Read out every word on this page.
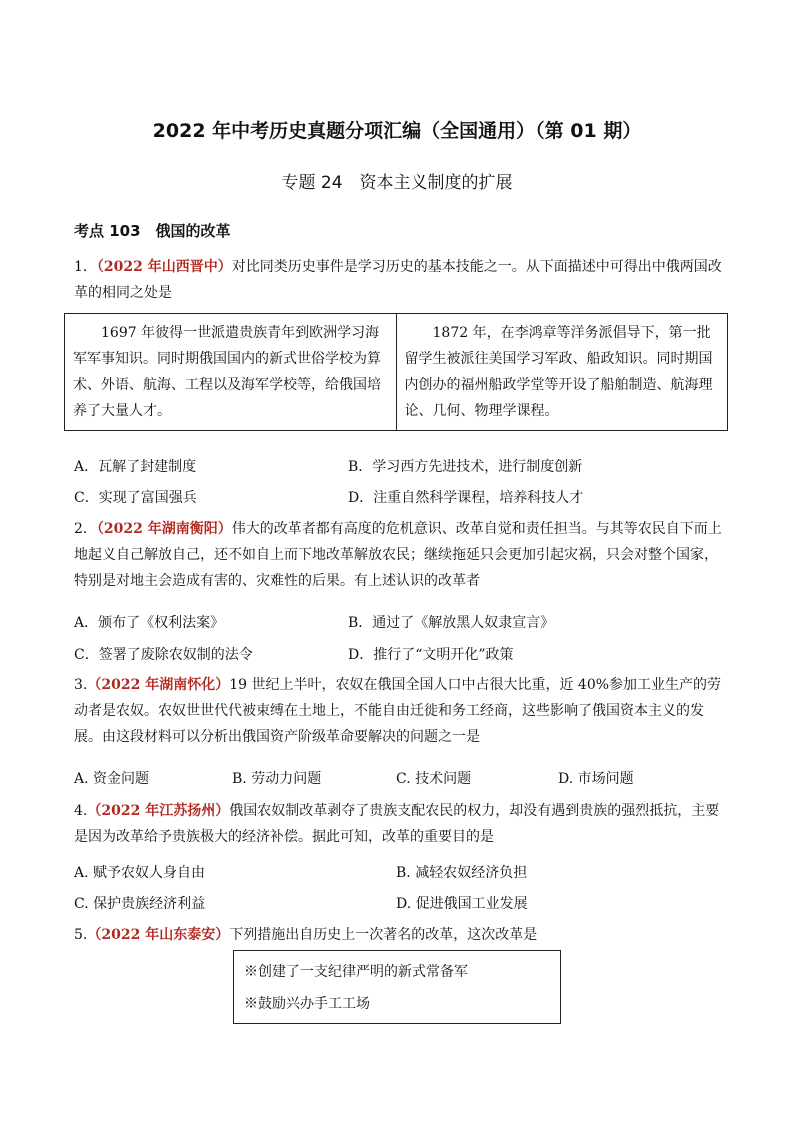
2022 年中考历史真题分项汇编（全国通用）（第 01 期）
专题 24　资本主义制度的扩展
考点 103　俄国的改革
1．（2022 年山西晋中）对比同类历史事件是学习历史的基本技能之一。从下面描述中可得出中俄两国改革的相同之处是
1697 年彼得一世派遣贵族青年到欧洲学习海军军事知识。同时期俄国国内的新式世俗学校为算术、外语、航海、工程以及海军学校等，给俄国培养了大量人才。

1872 年，在李鸿章等洋务派倡导下，第一批留学生被派往美国学习军政、船政知识。同时期国内创办的福州船政学堂等开设了船舶制造、航海理论、几何、物理学课程。
A．瓦解了封建制度	B．学习西方先进技术，进行制度创新
C．实现了富国强兵	D．注重自然科学课程，培养科技人才
2．（2022 年湖南衡阳）伟大的改革者都有高度的危机意识、改革自觉和责任担当。与其等农民自下而上地起义自己解放自己，还不如自上而下地改革解放农民；继续拖延只会更加引起灾祸，只会对整个国家，特别是对地主会造成有害的、灾难性的后果。有上述认识的改革者
A．颁布了《权利法案》	B．通过了《解放黑人奴隶宣言》
C．签署了废除农奴制的法令	D．推行了“文明开化”政策
3.（2022 年湖南怀化）19 世纪上半叶，农奴在俄国全国人口中占很大比重，近 40%参加工业生产的劳动者是农奴。农奴世世代代被束缚在土地上，不能自由迁徙和务工经商，这些影响了俄国资本主义的发展。由这段材料可以分析出俄国资产阶级革命要解决的问题之一是
A. 资金问题	B. 劳动力问题	C. 技术问题	D. 市场问题
4.（2022 年江苏扬州）俄国农奴制改革剥夺了贵族支配农民的权力，却没有遇到贵族的强烈抵抗，主要是因为改革给予贵族极大的经济补偿。据此可知，改革的重要目的是
A. 赋予农奴人身自由	B. 减轻农奴经济负担
C. 保护贵族经济利益	D. 促进俄国工业发展
5.（2022 年山东泰安）下列措施出自历史上一次著名的改革，这次改革是
※创建了一支纪律严明的新式常备军
※鼓励兴办手工工场
